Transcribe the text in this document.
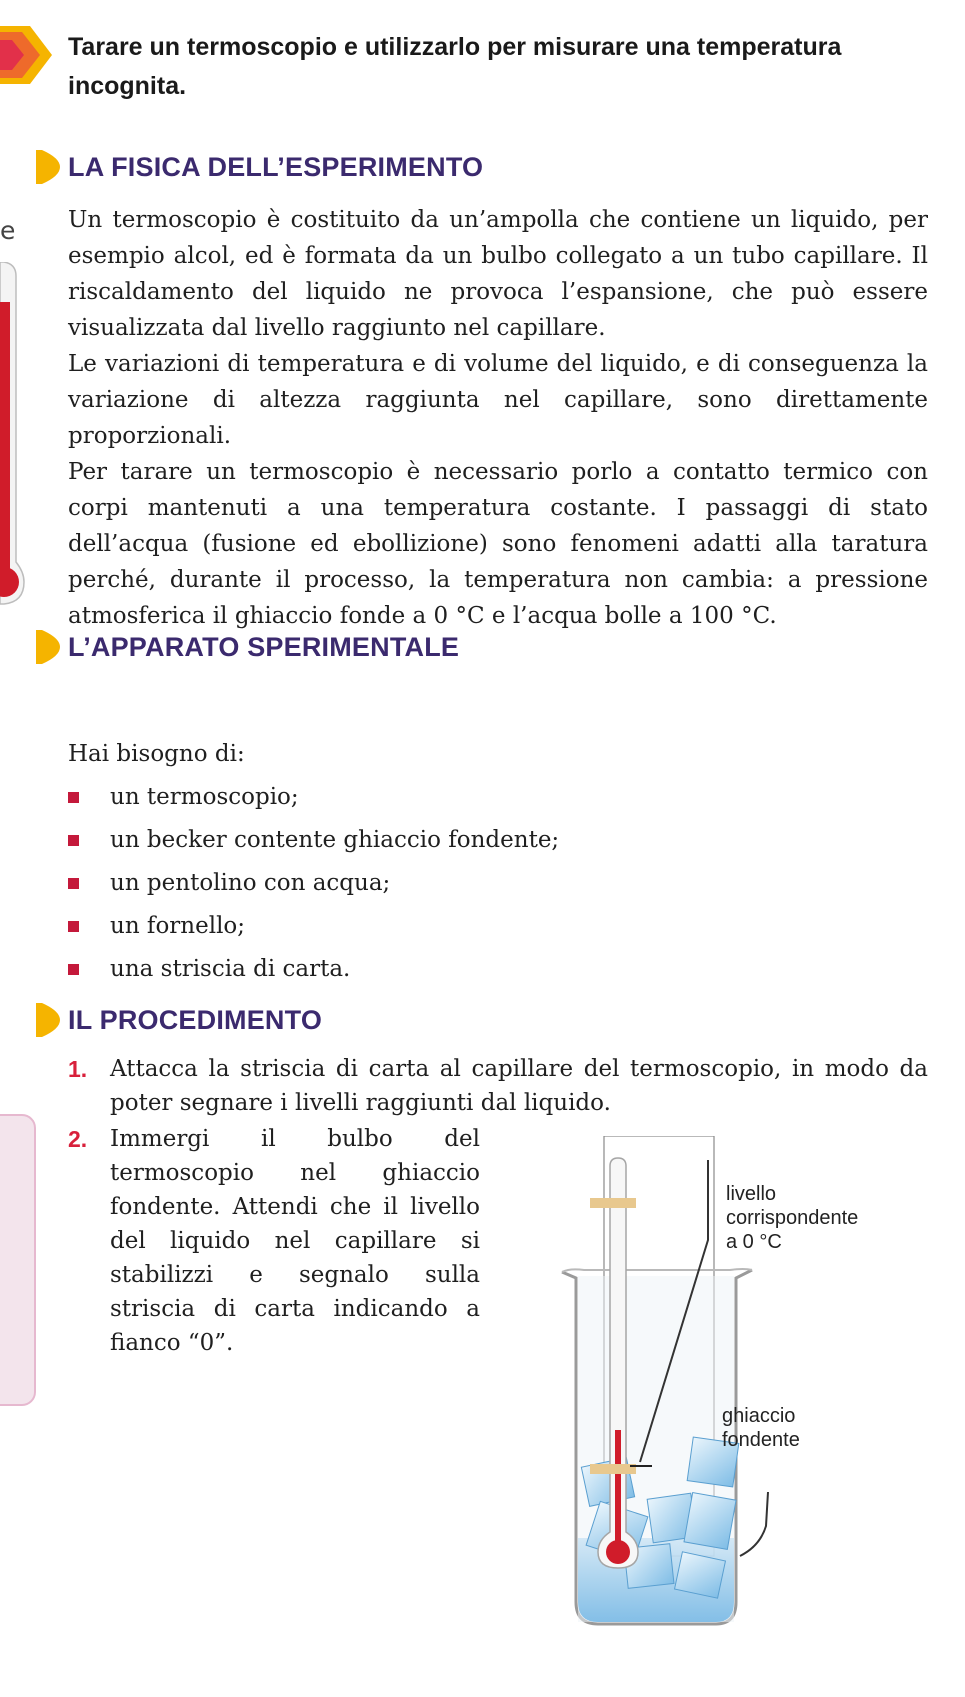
e

Tarare un termoscopio e utilizzarlo per misurare una temperatura incognita.

LA FISICA DELL’ESPERIMENTO

Un termoscopio è costituito da un’ampolla che contiene un liquido, per esempio alcol, ed è formata da un bulbo collegato a un tubo capillare. Il riscaldamento del liquido ne provoca l’espansione, che può essere visualizzata dal livello raggiunto nel capillare.

Le variazioni di temperatura e di volume del liquido, e di conseguenza la variazione di altezza raggiunta nel capillare, sono direttamente proporzionali.

Per tarare un termoscopio è necessario porlo a contatto termico con corpi mantenuti a una temperatura costante. I passaggi di stato dell’acqua (fusione ed ebollizione) sono fenomeni adatti alla taratura perché, durante il processo, la temperatura non cambia: a pressione atmosferica il ghiaccio fonde a 0 °C e l’acqua bolle a 100 °C.

L’APPARATO SPERIMENTALE

Hai bisogno di:

un termoscopio;
un becker contente ghiaccio fondente;
un pentolino con acqua;
un fornello;
una striscia di carta.
IL PROCEDIMENTO
1. Attacca la striscia di carta al capillare del termoscopio, in modo da poter segnare i livelli raggiunti dal liquido.
2. Immergi il bulbo del termoscopio nel ghiaccio fondente. Attendi che il livello del liquido nel capillare si stabilizzi e segnalo sulla striscia di carta indicando a fianco “0”.

livello corrispondente a 0 °C

ghiaccio fondente
